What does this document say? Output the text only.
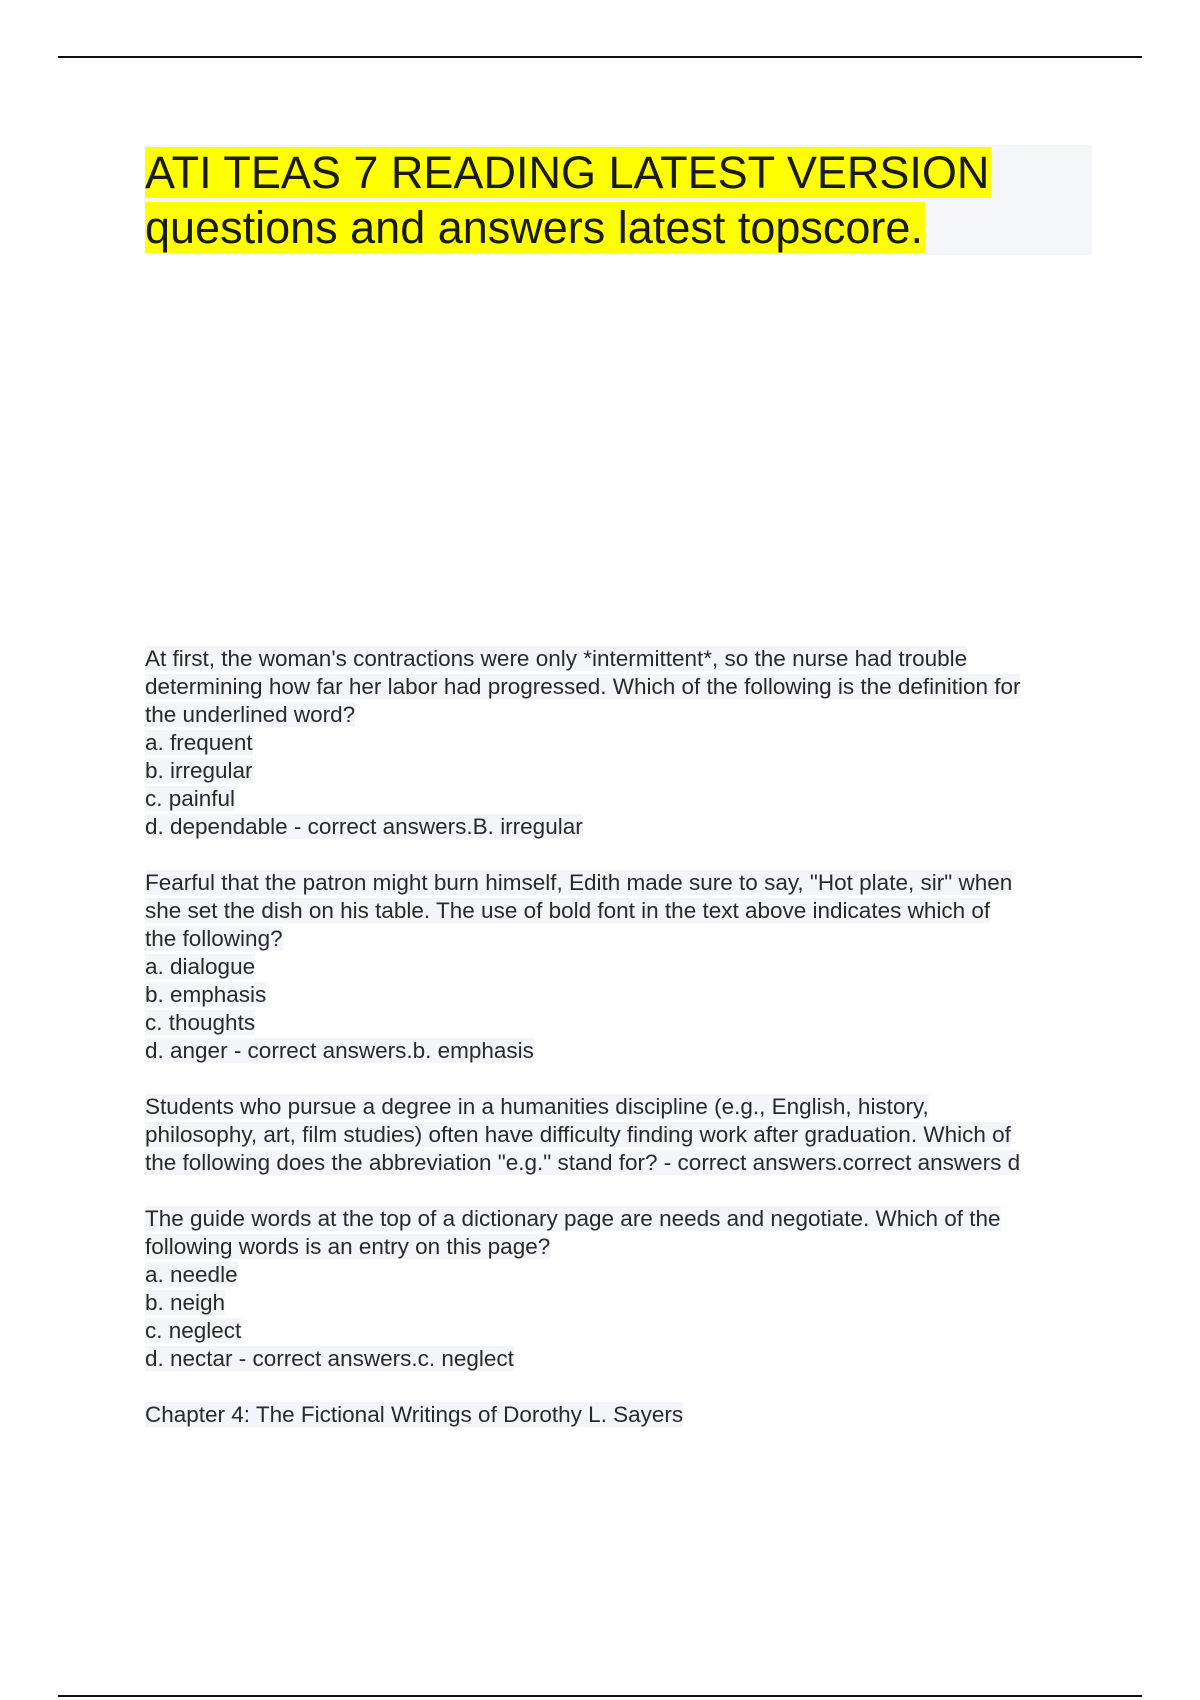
ATI TEAS 7 READING LATEST VERSION
questions and answers latest topscore.
At first, the woman's contractions were only *intermittent*, so the nurse had trouble
determining how far her labor had progressed. Which of the following is the definition for
the underlined word?
a. frequent
b. irregular
c. painful
d. dependable - correct answers.B. irregular
Fearful that the patron might burn himself, Edith made sure to say, "Hot plate, sir" when
she set the dish on his table. The use of bold font in the text above indicates which of
the following?
a. dialogue
b. emphasis
c. thoughts
d. anger - correct answers.b. emphasis
Students who pursue a degree in a humanities discipline (e.g., English, history,
philosophy, art, film studies) often have difficulty finding work after graduation. Which of
the following does the abbreviation "e.g." stand for? - correct answers.correct answers d
The guide words at the top of a dictionary page are needs and negotiate. Which of the
following words is an entry on this page?
a. needle
b. neigh
c. neglect
d. nectar - correct answers.c. neglect
Chapter 4: The Fictional Writings of Dorothy L. Sayers
